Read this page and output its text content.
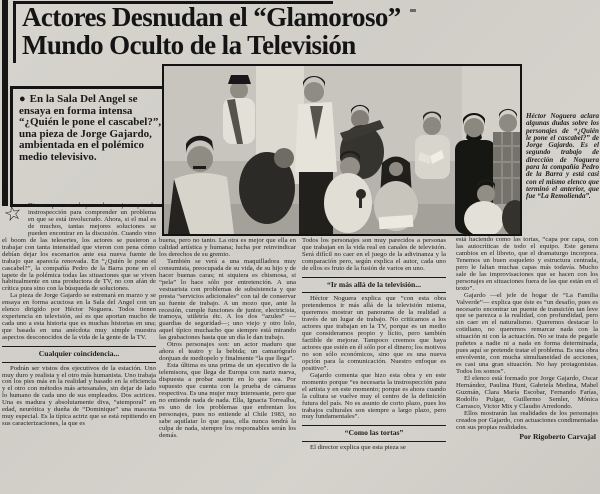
Actores Desnudan el “Glamoroso”
Mundo Oculto de la Televisión
● En la Sala Del Angel se ensaya en forma intensa “¿Quién le pone el cascabel?”, una pieza de Jorge Gajardo, ambientada en el polémico medio televisivo.
Héctor Noguera aclara algunas dudas sobre los personajes de “¿Quién le pone el cascabel?” de Jorge Gajardo. Es el segundo trabajo de dirección de Noguera para la compañía Pedro de la Barra y está casi con el mismo elenco que terminó el anterior, que fue “La Remolienda”.
☆ Dicen que no hay nada mejor que la instrospección para comprender un problema en que se está involucrado. Ahora, si el mal es de muchos, tantas mejores soluciones se pueden encontrar en la discusión. Cuando vino el boom de las teleseries, los actores se pusieron a trabajar con tanta intensidad que vieron con pena cómo debían dejar los escenarios ante esa nueva fuente de trabajo que aparecía renovada. En “¿Quién le pone el cascabel?”, la compañía Pedro de la Barra pone en el tapete de la polémica todas las situaciones que se viven habitualmente en una productora de TV, no con afán de crítica pura sino con la búsqueda de soluciones.

La pieza de Jorge Gajardo se estrenará en marzo y se ensaya en forma acuciosa en la Sala del Angel con un elenco dirigido por Héctor Noguera. Todos tienen experiencia en televisión, así es que aportan mucho de cada uno a esta historia que es muchas historias en una; que basada en una anécdota muy simple muestra aspectos desconocidos de la vida de la gente de la TV.

Cualquier coincidencia...

Podrán ser vistos dos ejecutivos de la estación. Uno muy duro y realista y el otro más humanista. Uno trabaja con los pies más en la realidad y basado en la eficiencia y el otro con métodos más artesanales, sin dejar de lado lo humano de cada uno de sus empleados. Dos actrices. Una es madura y absolutamente diva, “atemporal” en edad, neurótica y dueña de “Dominique” una mascota muy especial. Es la típica actriz que se está repitiendo en sus caracterizaciones, la que es

buena, pero no tanto. La otra es mejor que ella en calidad artística y humana; lucha por reinvindicar los derechos de su gremio.

También se verá a una maquilladora muy consumista, preocupada de su vida, de su hijo y de hacer buenas caras; ni siquiera es chismosa, si “pela” lo hace sólo por entretención. A una vestuarista con problemas de subsistencia y que presta “servicios adicionales” con tal de conservar su fuente de trabajo. A un mozo que, ante la recesión, cumple funciones de junior, electricista, tramoya, utiletría étc. A los dos “azules” —guardias de seguridad—; uno viejo y otro lolo, aquel típico muchacho que siempre está mirando las grabaciones hasta que un día le dan trabajo.

Otros personajes son: un actor maduro que añora el teatro y la bebida; un camarógrafo donjuan de mediopelo y finalmente “la que llega”.

Esta última es una prima de un ejecutivo de la telemisora, que llega de Europa con nariz nueva, dispuesta a probar suerte en lo que sea. Por supuesto que cuenta con la prueba de cámaras respectiva. Es una mujer muy interesante, pero que no entiende nada de nada. Ella, Ignacia Torrealba, es uno de los problemas que enfrentan los personajes, pues no entiende al Chile 1983, no sabe aquilatar lo que pasa, ella nunca tendrá la culpa de nada, siempre los responsables serán los demás.

Todos los personajes son muy parecidos a personas que trabajan en la vida real en canales de televisión. Será difícil no caer en el juego de la adivinanza y la comparación pero, según explica el autor, cada uno de ellos es fruto de la fusión de varios en uno.

“Ir más allá de la televisión...

Héctor Noguera explica que “con esta obra pretendemos ir más allá de la televisión misma, queremos mostrar un panorama de la realidad a través de un lugar de trabajo. No criticamos a los actores que trabajan en la TV, porque es un medio que consideramos propio y lícito, pero también factible de mejorar. Tampoco creemos que haya actores que estén en él sólo por el dinero; los motivos no son sólo económicos, sino que es una nueva opción para la comunicación. Nuestro enfoque es positivo”.

Gajardo comenta que hizo esta obra y en este momento porque “es necesaria la instrospección para el artista y en este momento; porque es ahora cuando la cultura se vuelve muy el centro de la definición futura del país. No es asunto de corto plazo, pues los trabajos culturales son siempre a largo plazo, pero muy fundamentales”.

“Como las tortas”

El director explica que esta pieza se

está haciendo como las tortas, “capa por capa, con las autocríticas de todo el equipo. Este genera cambios en el libreto, que el dramaturgo incorpora. Tenemos un buen esqueleto y estructura centrada, pero le faltan muchas capas más todavía. Mucho sale de las improvisaciones que se hacen con los personajes en situaciones fuera de las que están en el texto”.

Gajardo —el jefe de hogar de “La Familia Valverde”— explica que éste es “un desafío, pues es necesario encontrar un puente de transición tan leve que se parezca a la realidad, con profundidad, pero sin caer en el naturalismo. Queremos destacar lo cotidiano, no queremos remarcar nada con la situación ni con la actuación. No se trata de pegarle puñetes a nadie ni a nada en forma determinada, pues aquí se pretende tratar el problema. Es una obra envolvente, con mucha simultaneidad de acciones, es casi una gran situación. No hay protagonistas. Todos los somos”.

El elenco está formado por Jorge Gajardo, Oscar Hernández, Paulina Hunt, Gabriela Medina, Mabel Guzmán, Clara María Escobar, Fernando Farías, Rodolfo Pulgar, Guillermo Semler, Mónica Carrasco, Victor Mix y Claudio Arredondo.

Ellos mostrarán las realidades de los personajes creados por Gajardo, con actuaciones condimentadas con sus propias realidades.

Por Rigoberto Carvajal
